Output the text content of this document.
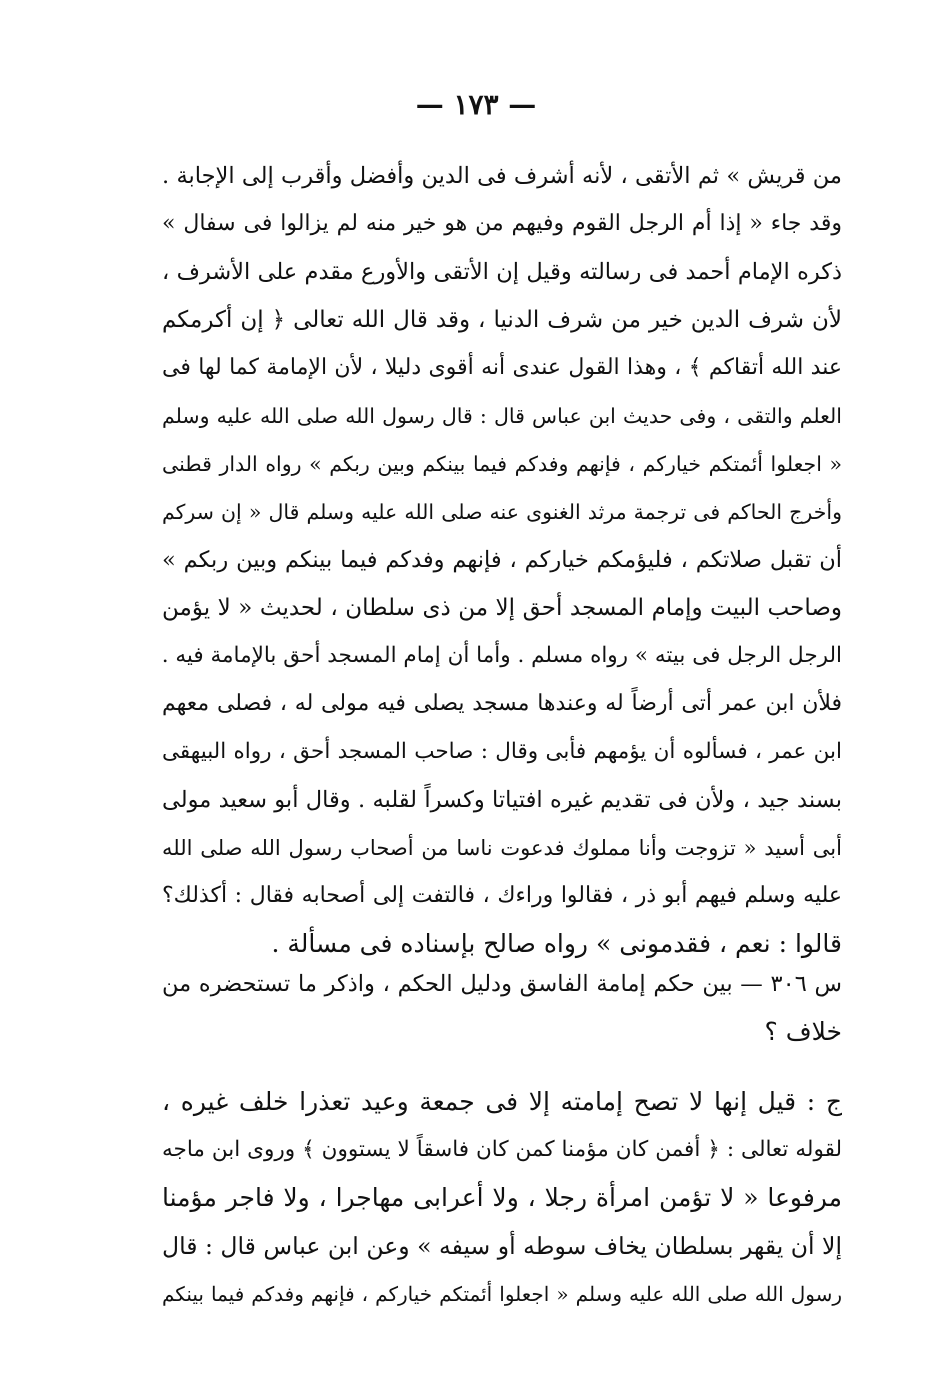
— ١٧٣ —
من قريش » ثم الأتقى ، لأنه أشرف فى الدين وأفضل وأقرب إلى الإجابة .
وقد جاء « إذا أم الرجل القوم وفيهم من هو خير منه لم يزالوا فى سفال »
ذكره الإمام أحمد فى رسالته وقيل إن الأتقى والأورع مقدم على الأشرف ،
لأن شرف الدين خير من شرف الدنيا ، وقد قال الله تعالى ﴿ إن أكرمكم
عند الله أتقاكم ﴾ ، وهذا القول عندى أنه أقوى دليلا ، لأن الإمامة كما لها فى
العلم والتقى ، وفى حديث ابن عباس قال : قال رسول الله صلى الله عليه وسلم
« اجعلوا أئمتكم خياركم ، فإنهم وفدكم فيما بينكم وبين ربكم » رواه الدار قطنى
وأخرج الحاكم فى ترجمة مرثد الغنوى عنه صلى الله عليه وسلم قال « إن سركم
أن تقبل صلاتكم ، فليؤمكم خياركم ، فإنهم وفدكم فيما بينكم وبين ربكم »
وصاحب البيت وإمام المسجد أحق إلا من ذى سلطان ، لحديث « لا يؤمن
الرجل الرجل فى بيته » رواه مسلم . وأما أن إمام المسجد أحق بالإمامة فيه .
فلأن ابن عمر أتى أرضاً له وعندها مسجد يصلى فيه مولى له ، فصلى معهم
ابن عمر ، فسألوه أن يؤمهم فأبى وقال : صاحب المسجد أحق ، رواه البيهقى
بسند جيد ، ولأن فى تقديم غيره افتياتا وكسراً لقلبه . وقال أبو سعيد مولى
أبى أسيد « تزوجت وأنا مملوك فدعوت ناسا من أصحاب رسول الله صلى الله
عليه وسلم فيهم أبو ذر ، فقالوا وراءك ، فالتفت إلى أصحابه فقال : أكذلك؟
قالوا : نعم ، فقدمونى » رواه صالح بإسناده فى مسألة .
س ٣٠٦ — بين حكم إمامة الفاسق ودليل الحكم ، واذكر ما تستحضره من
خلاف ؟
ج : قيل إنها لا تصح إمامته إلا فى جمعة وعيد تعذرا خلف غيره ،
لقوله تعالى : ﴿ أفمن كان مؤمنا كمن كان فاسقاً لا يستوون ﴾ وروى ابن ماجه
مرفوعا « لا تؤمن امرأة رجلا ، ولا أعرابى مهاجرا ، ولا فاجر مؤمنا
إلا أن يقهر بسلطان يخاف سوطه أو سيفه » وعن ابن عباس قال : قال
رسول الله صلى الله عليه وسلم « اجعلوا أئمتكم خياركم ، فإنهم وفدكم فيما بينكم
